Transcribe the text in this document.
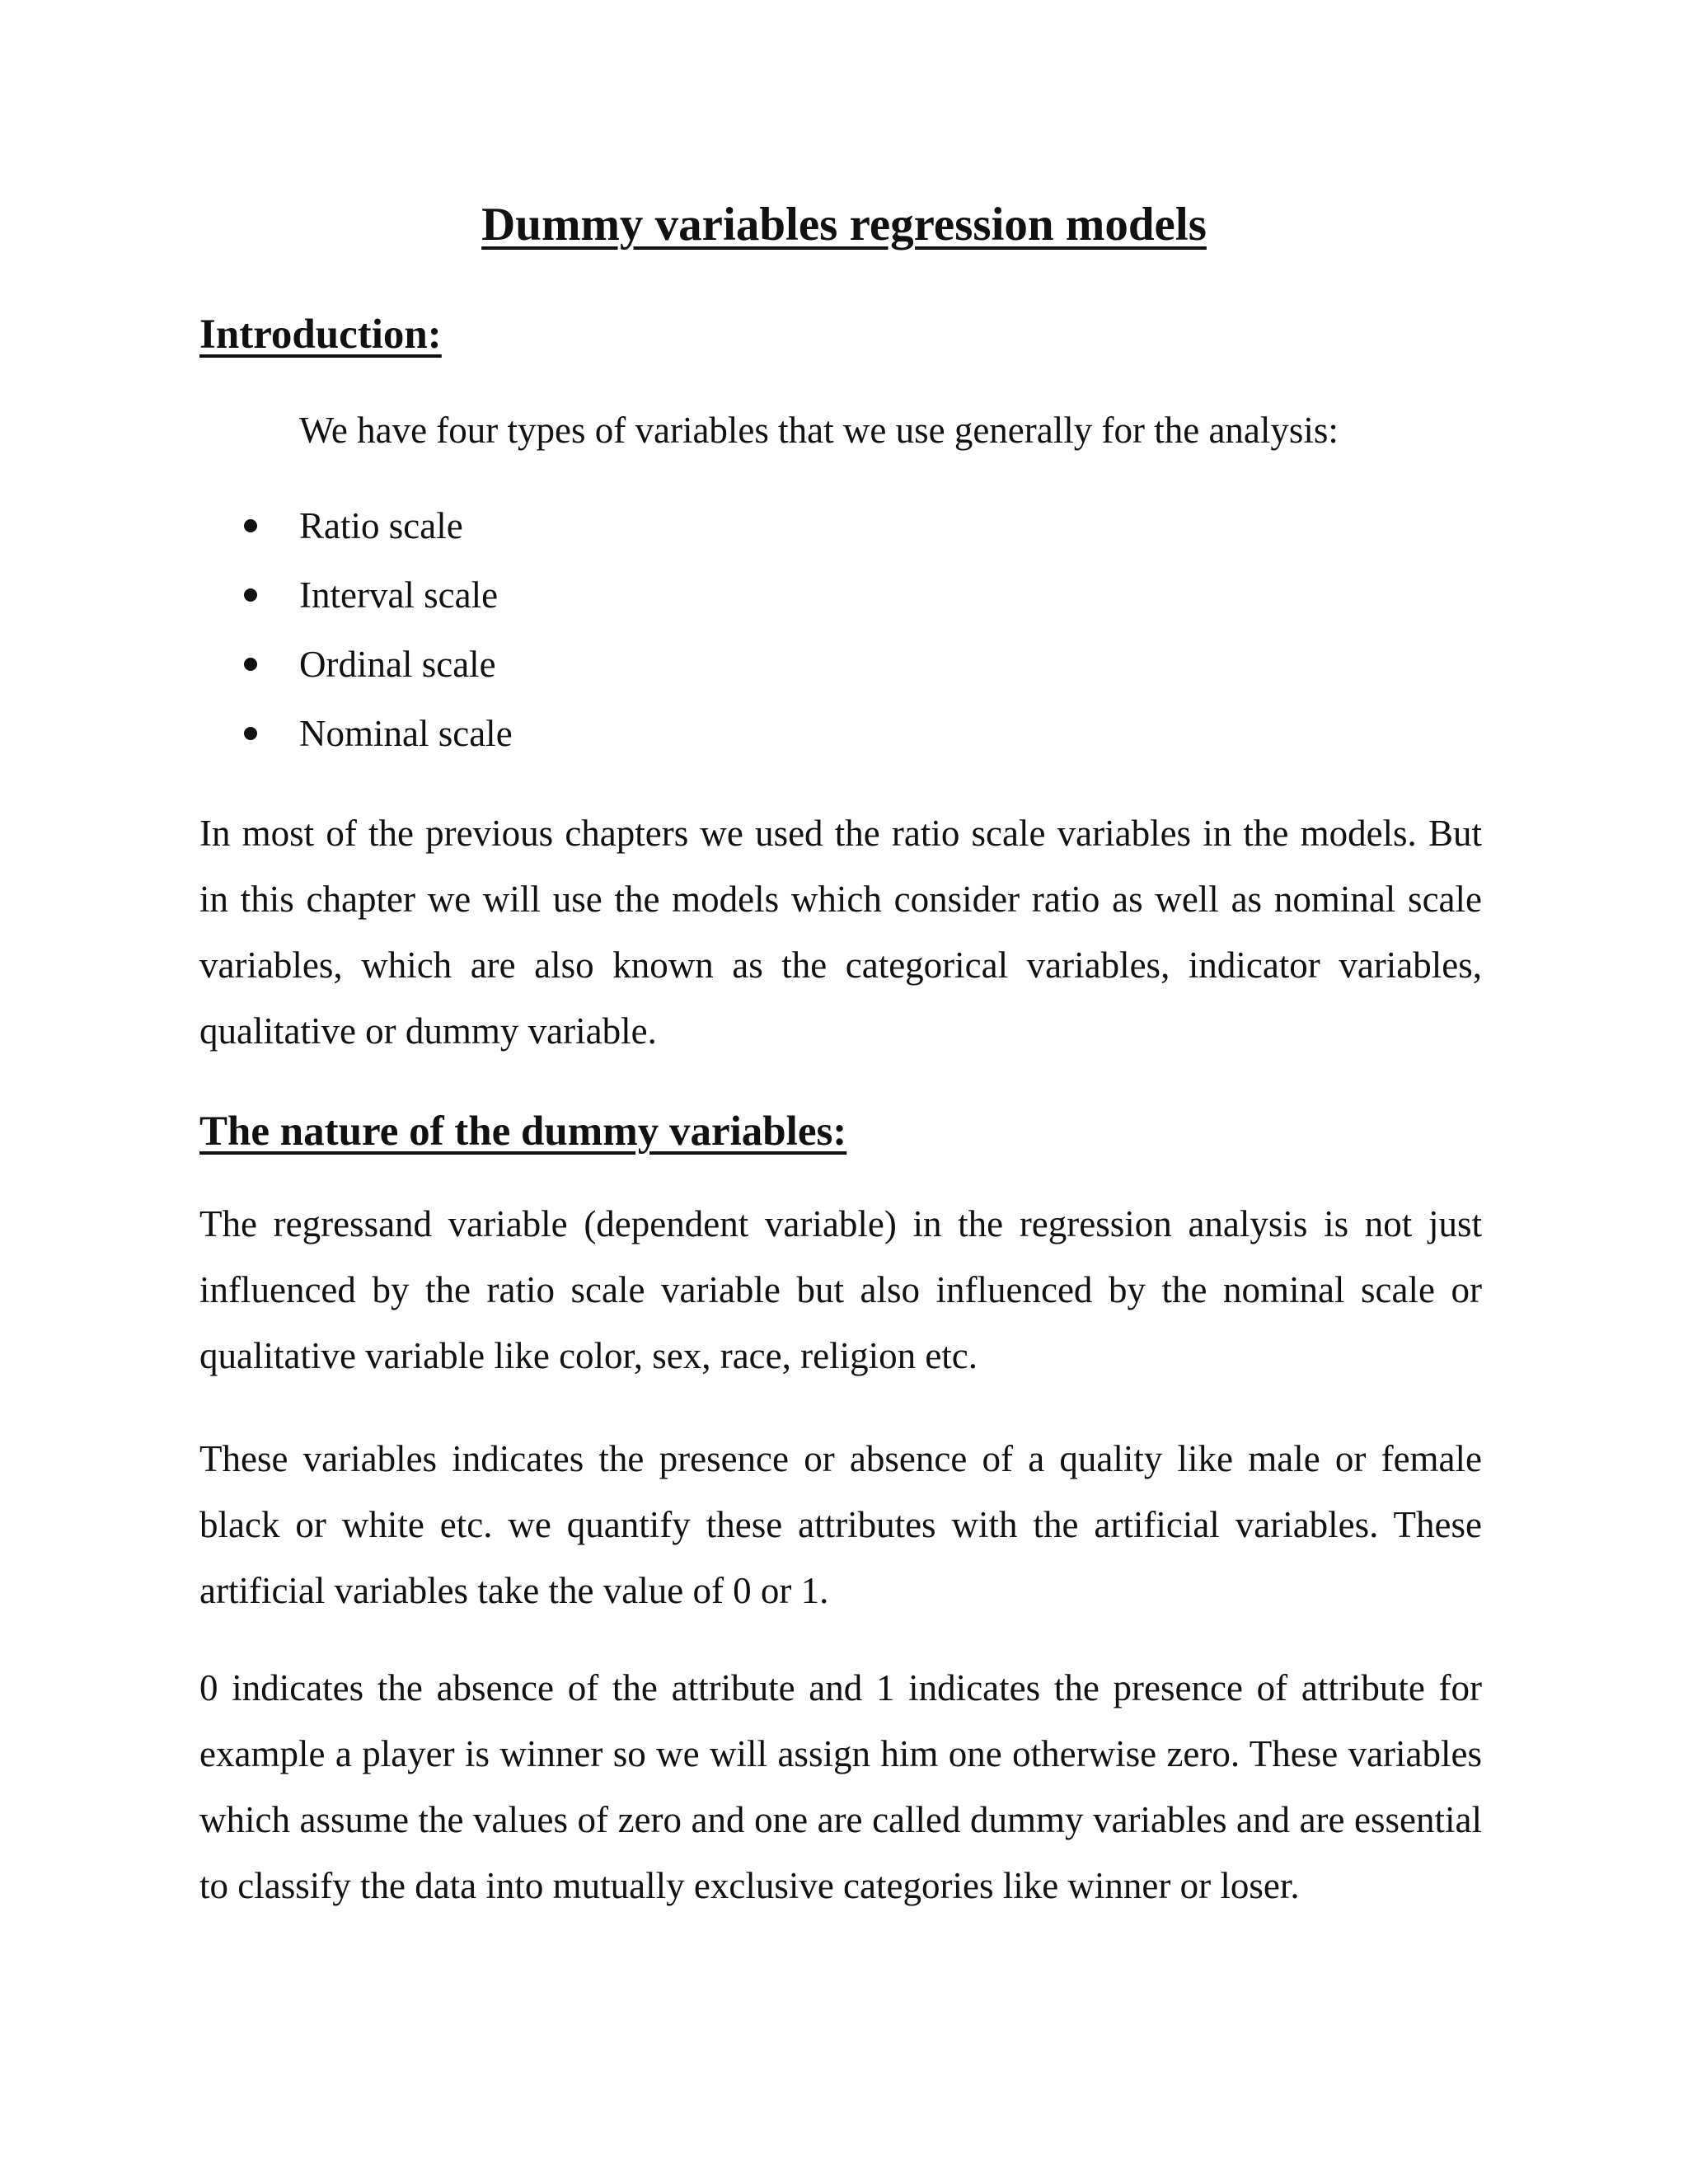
Dummy variables regression models
Introduction:

We have four types of variables that we use generally for the analysis:

Ratio scale
Interval scale
Ordinal scale
Nominal scale

In most of the previous chapters we used the ratio scale variables in the models. But in this chapter we will use the models which consider ratio as well as nominal scale variables, which are also known as the categorical variables, indicator variables, qualitative or dummy variable.

The nature of the dummy variables:

The regressand variable (dependent variable) in the regression analysis is not just influenced by the ratio scale variable but also influenced by the nominal scale or qualitative variable like color, sex, race, religion etc.

These variables indicates the presence or absence of a quality like male or female black or white etc. we quantify these attributes with the artificial variables. These artificial variables take the value of 0 or 1.

0 indicates the absence of the attribute and 1 indicates the presence of attribute for example a player is winner so we will assign him one otherwise zero. These variables which assume the values of zero and one are called dummy variables and are essential to classify the data into mutually exclusive categories like winner or loser.
